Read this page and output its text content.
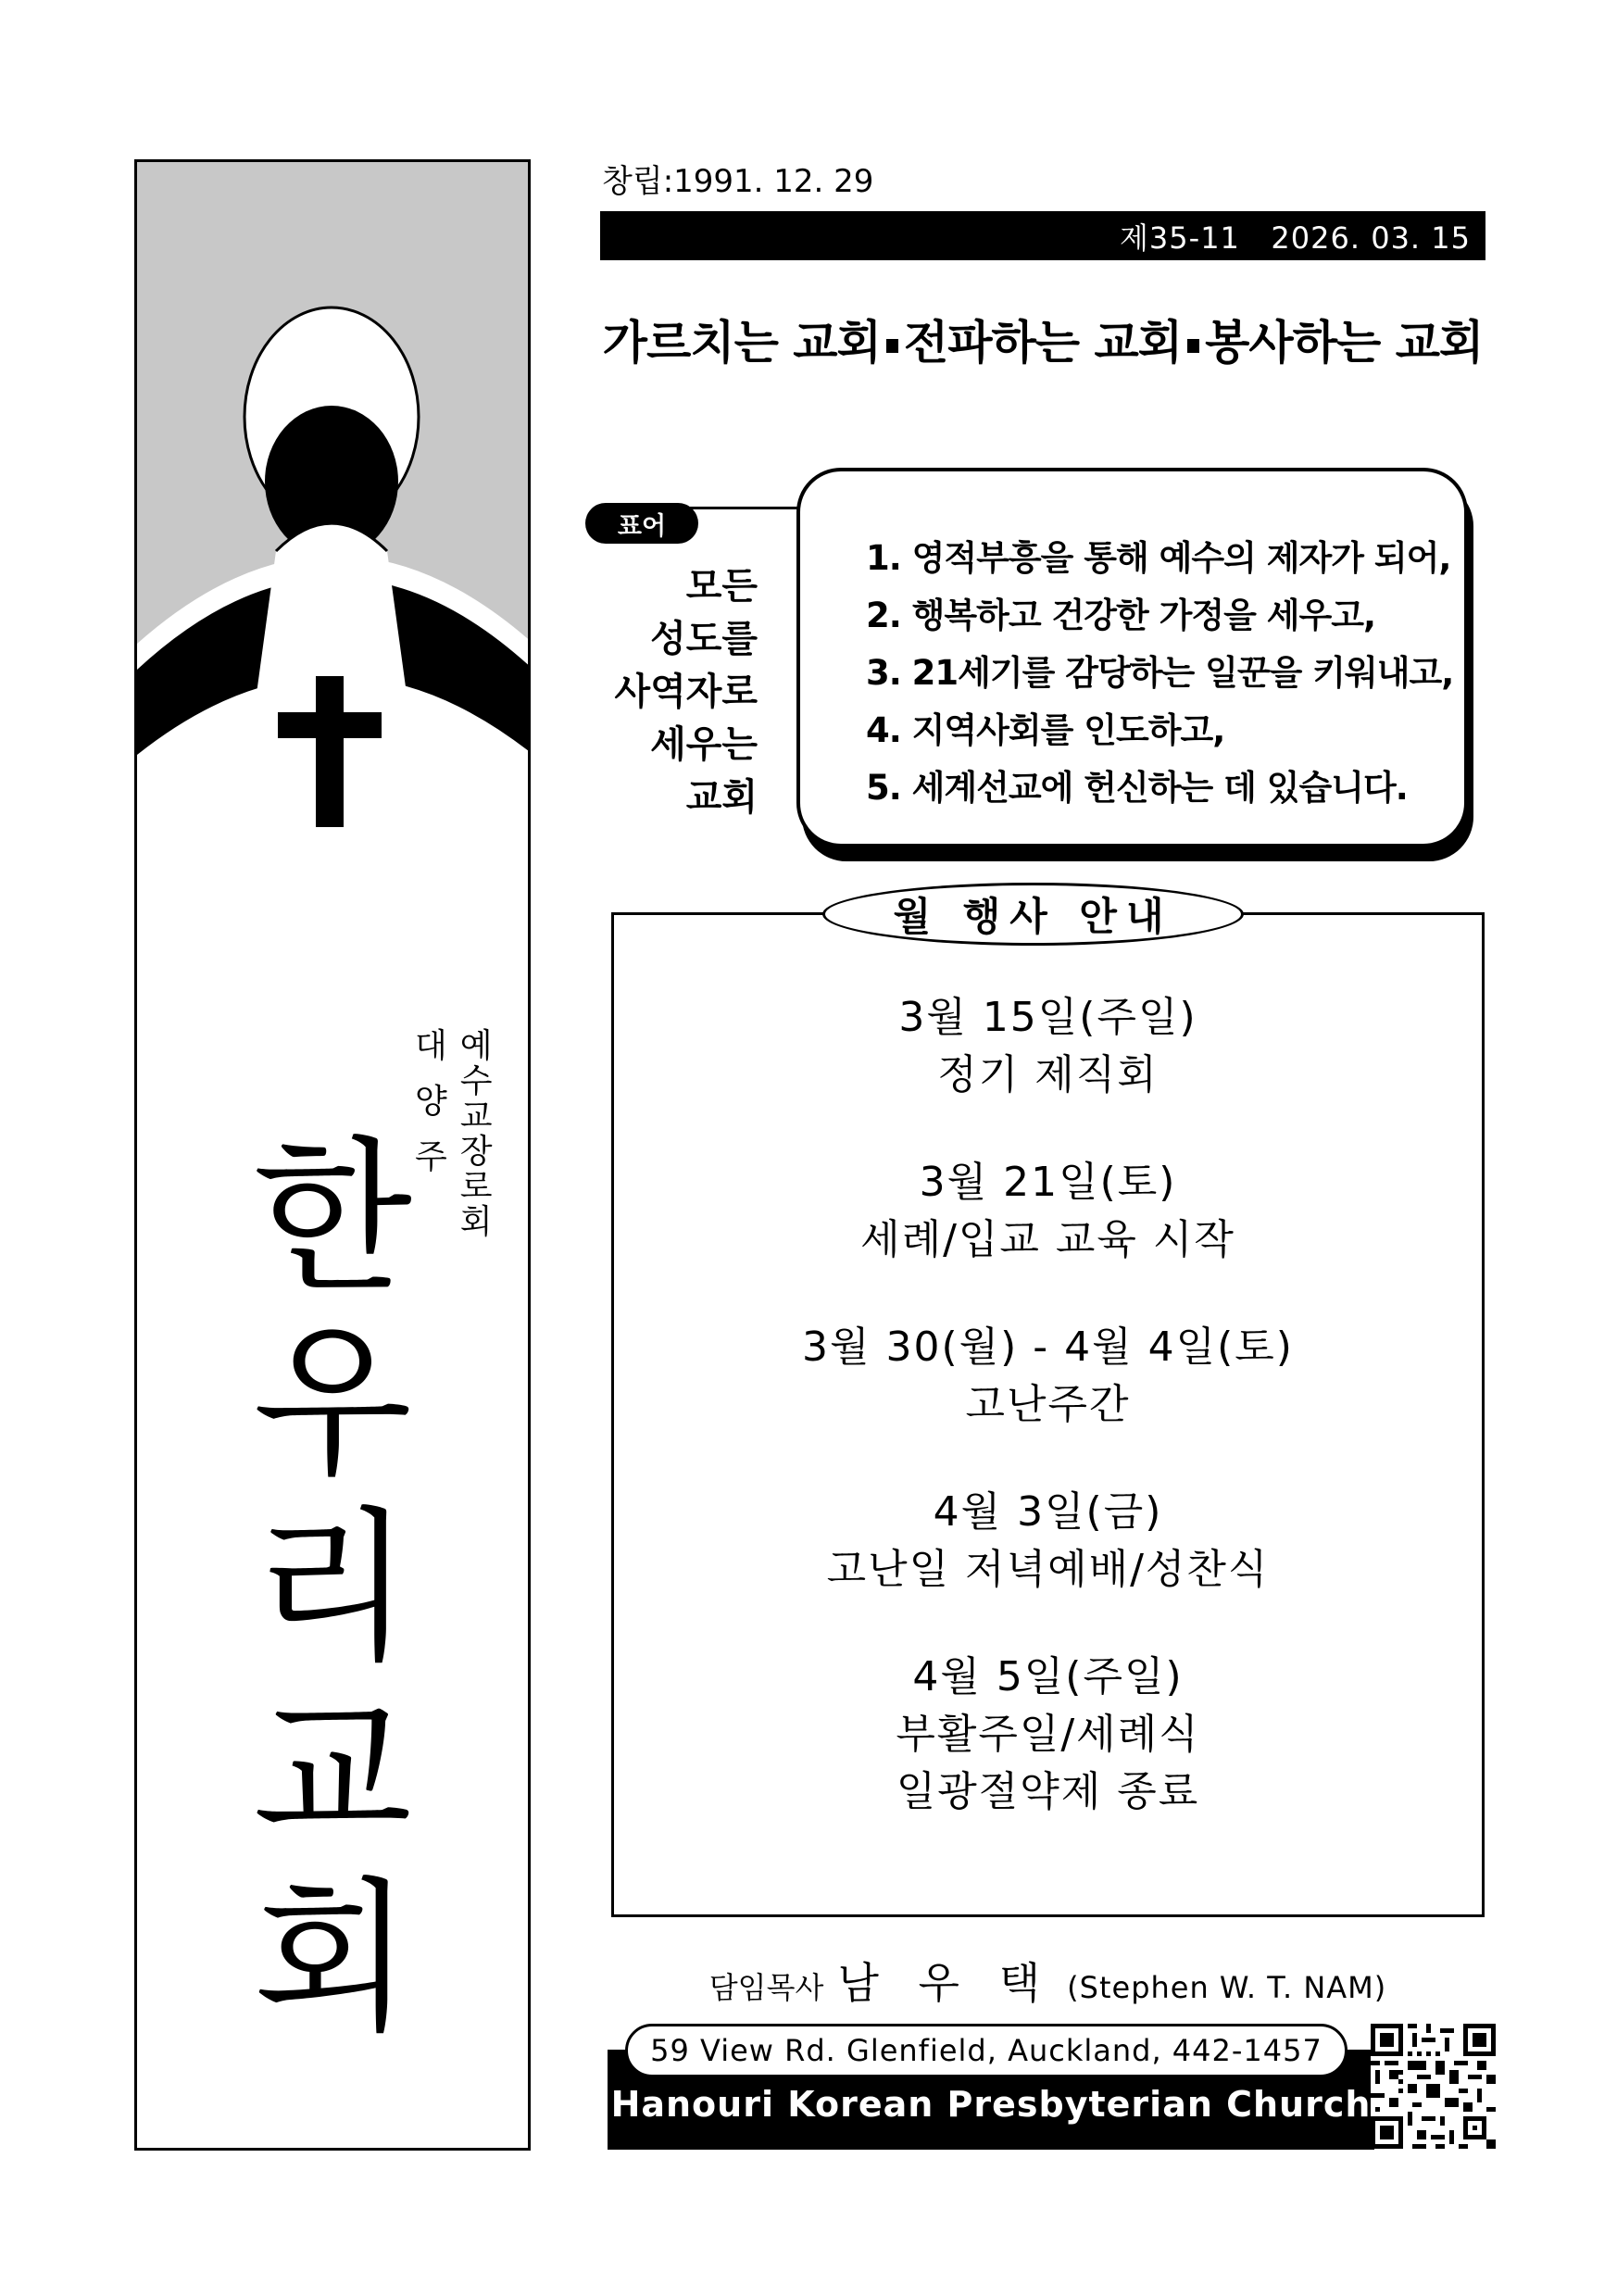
예
수
교
장
로
회
대
양
주
한
우
리
교
회
창립:1991. 12. 29
제35-11   2026. 03. 15
가르치는 교회 전파하는 교회 봉사하는 교회
표어
모든
성도를
사역자로
세우는
교회
1. 영적부흥을 통해 예수의 제자가 되어,
2. 행복하고 건강한 가정을 세우고,
3. 21세기를 감당하는 일꾼을 키워내고,
4. 지역사회를 인도하고,
5. 세계선교에 헌신하는 데 있습니다.
월 행사 안내
3월 15일(주일)
정기 제직회
3월 21일(토)
세례/입교 교육 시작
3월 30(월) - 4월 4일(토)
고난주간
4월 3일(금)
고난일 저녁예배/성찬식
4월 5일(주일)
부활주일/세례식
일광절약제 종료
담임목사 남 우 택 (Stephen W. T. NAM)
59 View Rd. Glenfield, Auckland, 442-1457
Hanouri Korean Presbyterian Church
